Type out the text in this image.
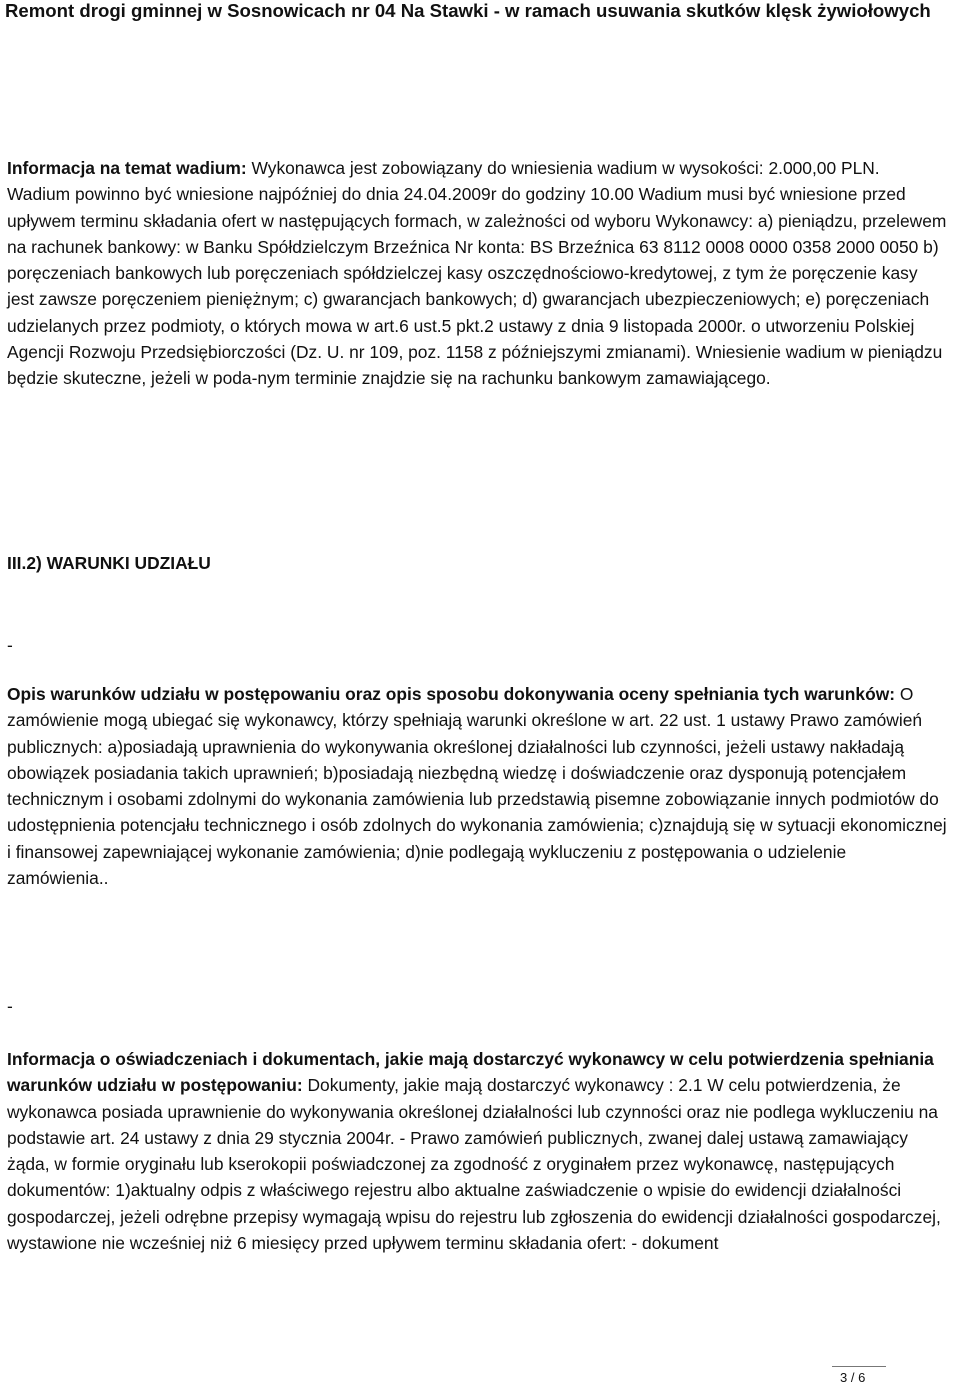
Remont drogi gminnej w Sosnowicach nr 04 Na Stawki - w ramach usuwania skutków klęsk żywiołowych
Informacja na temat wadium: Wykonawca jest zobowiązany do wniesienia wadium w wysokości: 2.000,00 PLN. Wadium powinno być wniesione najpóźniej do dnia 24.04.2009r do godziny 10.00 Wadium musi być wniesione przed upływem terminu składania ofert w następujących formach, w zależności od wyboru Wykonawcy: a) pieniądzu, przelewem na rachunek bankowy: w Banku Spółdzielczym Brzeźnica Nr konta: BS Brzeźnica 63 8112 0008 0000 0358 2000 0050 b) poręczeniach bankowych lub poręczeniach spółdzielczej kasy oszczędnościowo-kredytowej, z tym że poręczenie kasy jest zawsze poręczeniem pieniężnym; c) gwarancjach bankowych; d) gwarancjach ubezpieczeniowych; e) poręczeniach udzielanych przez podmioty, o których mowa w art.6 ust.5 pkt.2 ustawy z dnia 9 listopada 2000r. o utworzeniu Polskiej Agencji Rozwoju Przedsiębiorczości (Dz. U. nr 109, poz. 1158 z późniejszymi zmianami). Wniesienie wadium w pieniądzu będzie skuteczne, jeżeli w poda-nym terminie znajdzie się na rachunku bankowym zamawiającego.
III.2) WARUNKI UDZIAŁU
-
Opis warunków udziału w postępowaniu oraz opis sposobu dokonywania oceny spełniania tych warunków: O zamówienie mogą ubiegać się wykonawcy, którzy spełniają warunki określone w art. 22 ust. 1 ustawy Prawo zamówień publicznych: a)posiadają uprawnienia do wykonywania określonej działalności lub czynności, jeżeli ustawy nakładają obowiązek posiadania takich uprawnień; b)posiadają niezbędną wiedzę i doświadczenie oraz dysponują potencjałem technicznym i osobami zdolnymi do wykonania zamówienia lub przedstawią pisemne zobowiązanie innych podmiotów do udostępnienia potencjału technicznego i osób zdolnych do wykonania zamówienia; c)znajdują się w sytuacji ekonomicznej i finansowej zapewniającej wykonanie zamówienia; d)nie podlegają wykluczeniu z postępowania o udzielenie zamówienia..
-
Informacja o oświadczeniach i dokumentach, jakie mają dostarczyć wykonawcy w celu potwierdzenia spełniania warunków udziału w postępowaniu: Dokumenty, jakie mają dostarczyć wykonawcy : 2.1 W celu potwierdzenia, że wykonawca posiada uprawnienie do wykonywania określonej działalności lub czynności oraz nie podlega wykluczeniu na podstawie art. 24 ustawy z dnia 29 stycznia 2004r. - Prawo zamówień publicznych, zwanej dalej ustawą zamawiający żąda, w formie oryginału lub kserokopii poświadczonej za zgodność z oryginałem przez wykonawcę, następujących dokumentów: 1)aktualny odpis z właściwego rejestru albo aktualne zaświadczenie o wpisie do ewidencji działalności gospodarczej, jeżeli odrębne przepisy wymagają wpisu do rejestru lub zgłoszenia do ewidencji działalności gospodarczej, wystawione nie wcześniej niż 6 miesięcy przed upływem terminu składania ofert: - dokument
3 / 6
